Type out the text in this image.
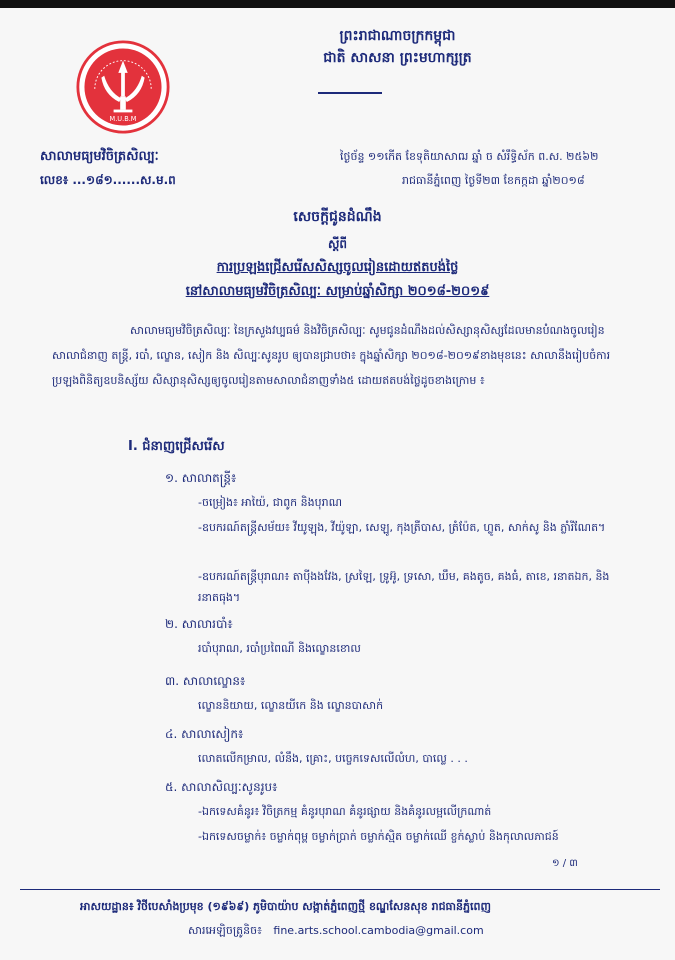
M.U.B.M
ព្រះរាជាណាចក្រកម្ពុជា
ជាតិ សាសនា ព្រះមហាក្សត្រ
សាលាមធ្យមវិចិត្រសិល្បៈ
លេខ៖ ...១៨១......ស.ម.ព
ថ្ងៃច័ន្ទ ១១កើត ខែទុតិយាសាឍ ឆ្នាំ ច សំរឹទ្ធិស័ក ព.ស. ២៥៦២
រាជធានីភ្នំពេញ ថ្ងៃទី២៣ ខែកក្កដា ឆ្នាំ២០១៨
សេចក្ដីជូនដំណឹង
ស្ដីពី
ការប្រឡងជ្រើសរើសសិស្សចូលរៀនដោយឥតបង់ថ្លៃ
នៅសាលាមធ្យមវិចិត្រសិល្បៈ សម្រាប់ឆ្នាំសិក្សា ២០១៨-២០១៩
សាលាមធ្យមវិចិត្រសិល្បៈ នៃក្រសួងវប្បធម៌ និងវិចិត្រសិល្បៈ សូមជូនដំណឹងដល់សិស្សានុសិស្សដែលមានបំណងចូលរៀនសាលាជំនាញ តន្ត្រី, របាំ, ល្ខោន, សៀក និង សិល្បៈសូនរូប ឲ្យបានជ្រាបថា៖ ក្នុងឆ្នាំសិក្សា ២០១៨-២០១៩ខាងមុខនេះ សាលានឹងរៀបចំការប្រឡងពិនិត្យឧបនិស្ស័យ សិស្សានុសិស្សឲ្យចូលរៀនតាមសាលាជំនាញទាំង៥ ដោយឥតបង់ថ្លៃដូចខាងក្រោម ៖
I. ជំនាញជ្រើសរើស
១. សាលាតន្ត្រី៖
-ចម្រៀង៖ អាយ៉ៃ, ជាពូក និងបុរាណ
-ឧបករណ៍តន្ត្រីសម័យ៖ វីយូឡុង, វីយ៉ូឡា, សេឡូ, កុងត្រឺបាស, ត្រំប៉ែត, ហ្លូត, សាក់សូ និង ភ្លាំរីណែត។
-ឧបករណ៍តន្ត្រីបុរាណ៖ តាប៉ីងងវែង, ស្រឡៃ, ទ្រូអ៊ូ, ទ្រសោ, ឃឹម, គងតូច, គងធំ, តាខេ, រនាតឯក, និង រនាតធុង។
២. សាលារបាំ៖
របាំបុរាណ, របាំប្រពៃណី និងល្ខោនខោល
៣. សាលាល្ខោន៖
ល្ខោននិយាយ, ល្ខោនយីកេ និង ល្ខោនបាសាក់
៤. សាលាសៀក៖
លោតលើកម្រាល, លំនឹង, គ្រោះ, បច្ចេកទេសលើលំហ, បាល្លេ . . .
៥. សាលាសិល្បៈសូនរូប៖
-ឯកទេសគំនូរ៖ វិចិត្រកម្ម គំនូរបុរាណ គំនូរផ្សាយ និងគំនូរលម្អលើក្រណាត់
-ឯកទេសចម្លាក់៖ ចម្លាក់ពុម្ព ចម្លាក់ប្រាក់ ចម្លាក់ស្មិត ចម្លាក់ឈើ ខ្ចក់ស្លាប់ និងកុលាលភាជន៍
១ / ៣
អាសយដ្ឋាន៖ វិថីបេសាំងប្រមុខ (១៩៦៩) ភូមិបាយ៉ាប សង្កាត់ភ្នំពេញថ្មី ខណ្ឌសែនសុខ រាជធានីភ្នំពេញ
សារអេឡិចត្រូនិច៖ fine.arts.school.cambodia@gmail.com
